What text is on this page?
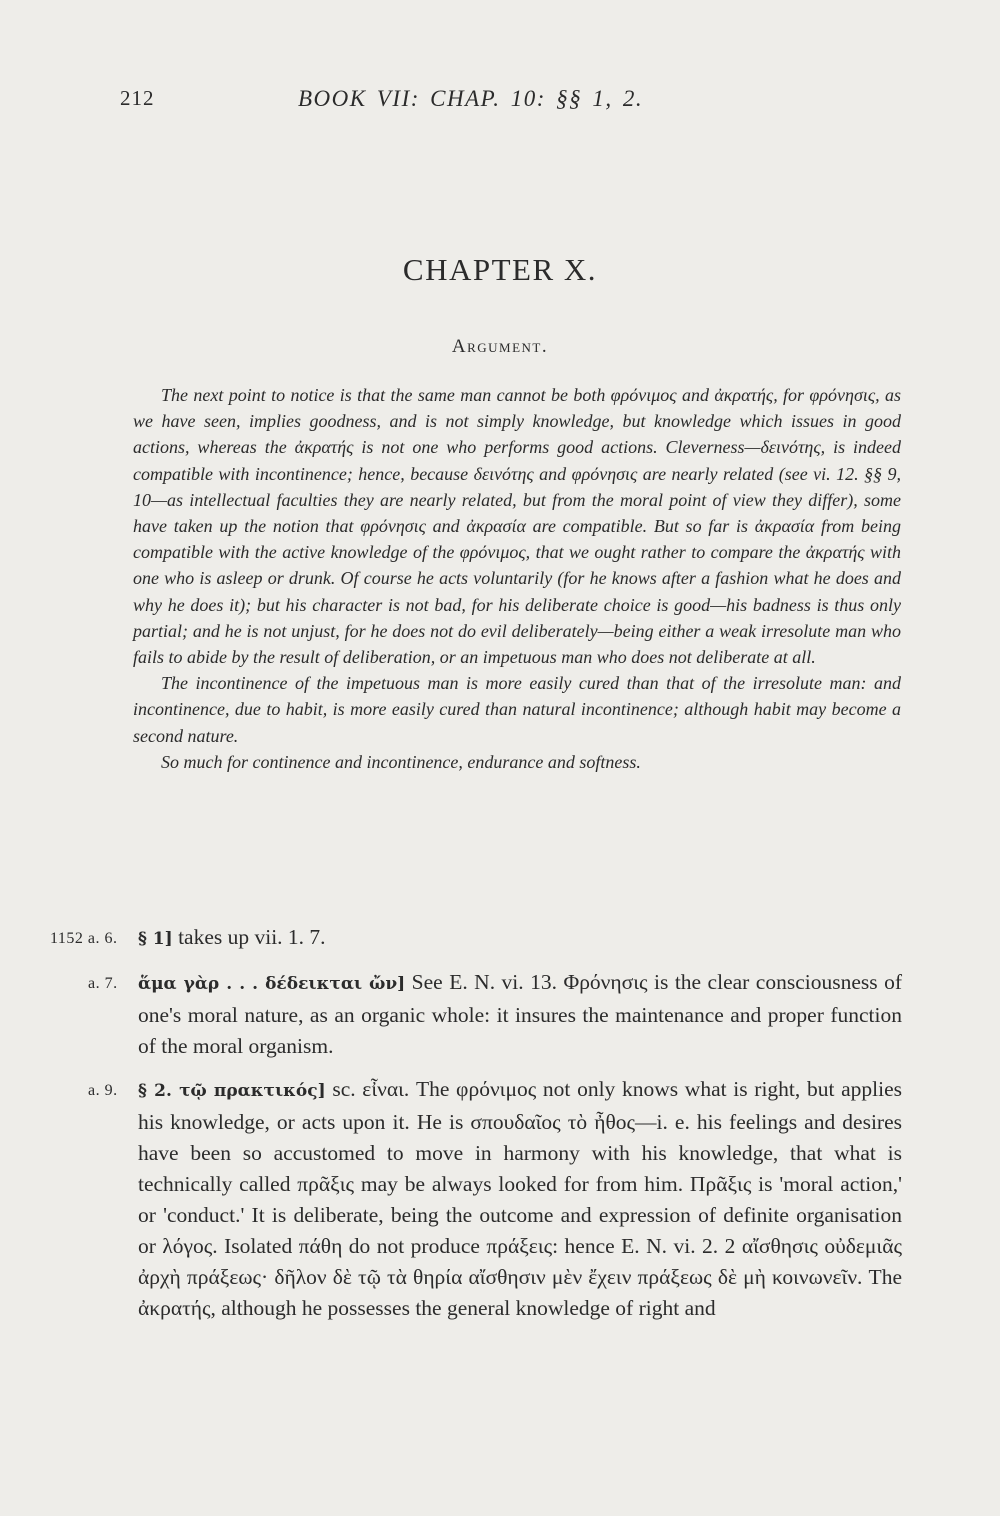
212	BOOK VII: CHAP. 10: §§ 1, 2.
CHAPTER X.
Argument.

The next point to notice is that the same man cannot be both φρόνιμος and ἀκρατής, for φρόνησις, as we have seen, implies goodness, and is not simply knowledge, but knowledge which issues in good actions, whereas the ἀκρατής is not one who performs good actions. Cleverness—δεινότης, is indeed compatible with incontinence; hence, because δεινότης and φρόνησις are nearly related (see vi. 12. §§ 9, 10—as intellectual faculties they are nearly related, but from the moral point of view they differ), some have taken up the notion that φρόνησις and ἀκρασία are compatible. But so far is ἀκρασία from being compatible with the active knowledge of the φρόνιμος, that we ought rather to compare the ἀκρατής with one who is asleep or drunk. Of course he acts voluntarily (for he knows after a fashion what he does and why he does it); but his character is not bad, for his deliberate choice is good—his badness is thus only partial; and he is not unjust, for he does not do evil deliberately—being either a weak irresolute man who fails to abide by the result of deliberation, or an impetuous man who does not deliberate at all.

The incontinence of the impetuous man is more easily cured than that of the irresolute man: and incontinence, due to habit, is more easily cured than natural incontinence; although habit may become a second nature.

So much for continence and incontinence, endurance and softness.

1152 a. 6. § 1] takes up vii. 1. 7.
a. 7. ἅμα γὰρ . . . δέδεικται ὤν] See E. N. vi. 13. Φρόνησις is the clear consciousness of one's moral nature, as an organic whole: it insures the maintenance and proper function of the moral organism.
a. 9. § 2. τῷ πρακτικός] sc. εἶναι. The φρόνιμος not only knows what is right, but applies his knowledge, or acts upon it. He is σπουδαῖος τὸ ἦθος—i. e. his feelings and desires have been so accustomed to move in harmony with his knowledge, that what is technically called πρᾶξις may be always looked for from him. Πρᾶξις is 'moral action,' or 'conduct.' It is deliberate, being the outcome and expression of definite organisation or λόγος. Isolated πάθη do not produce πράξεις: hence E. N. vi. 2. 2 αἴσθησις οὐδεμιᾶς ἀρχὴ πράξεως· δῆλον δὲ τῷ τὰ θηρία αἴσθησιν μὲν ἔχειν πράξεως δὲ μὴ κοινωνεῖν. The ἀκρατής, although he possesses the general knowledge of right and
